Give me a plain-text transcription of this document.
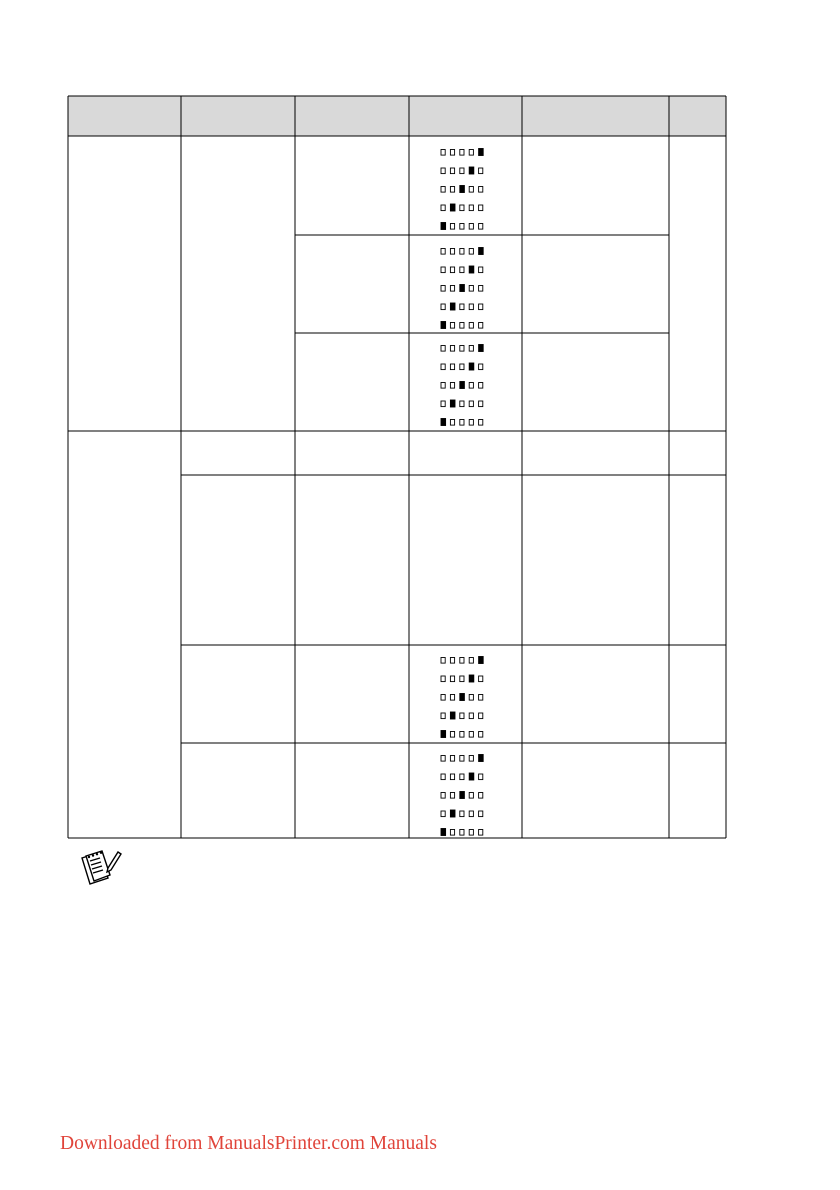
Downloaded from ManualsPrinter.com Manuals
